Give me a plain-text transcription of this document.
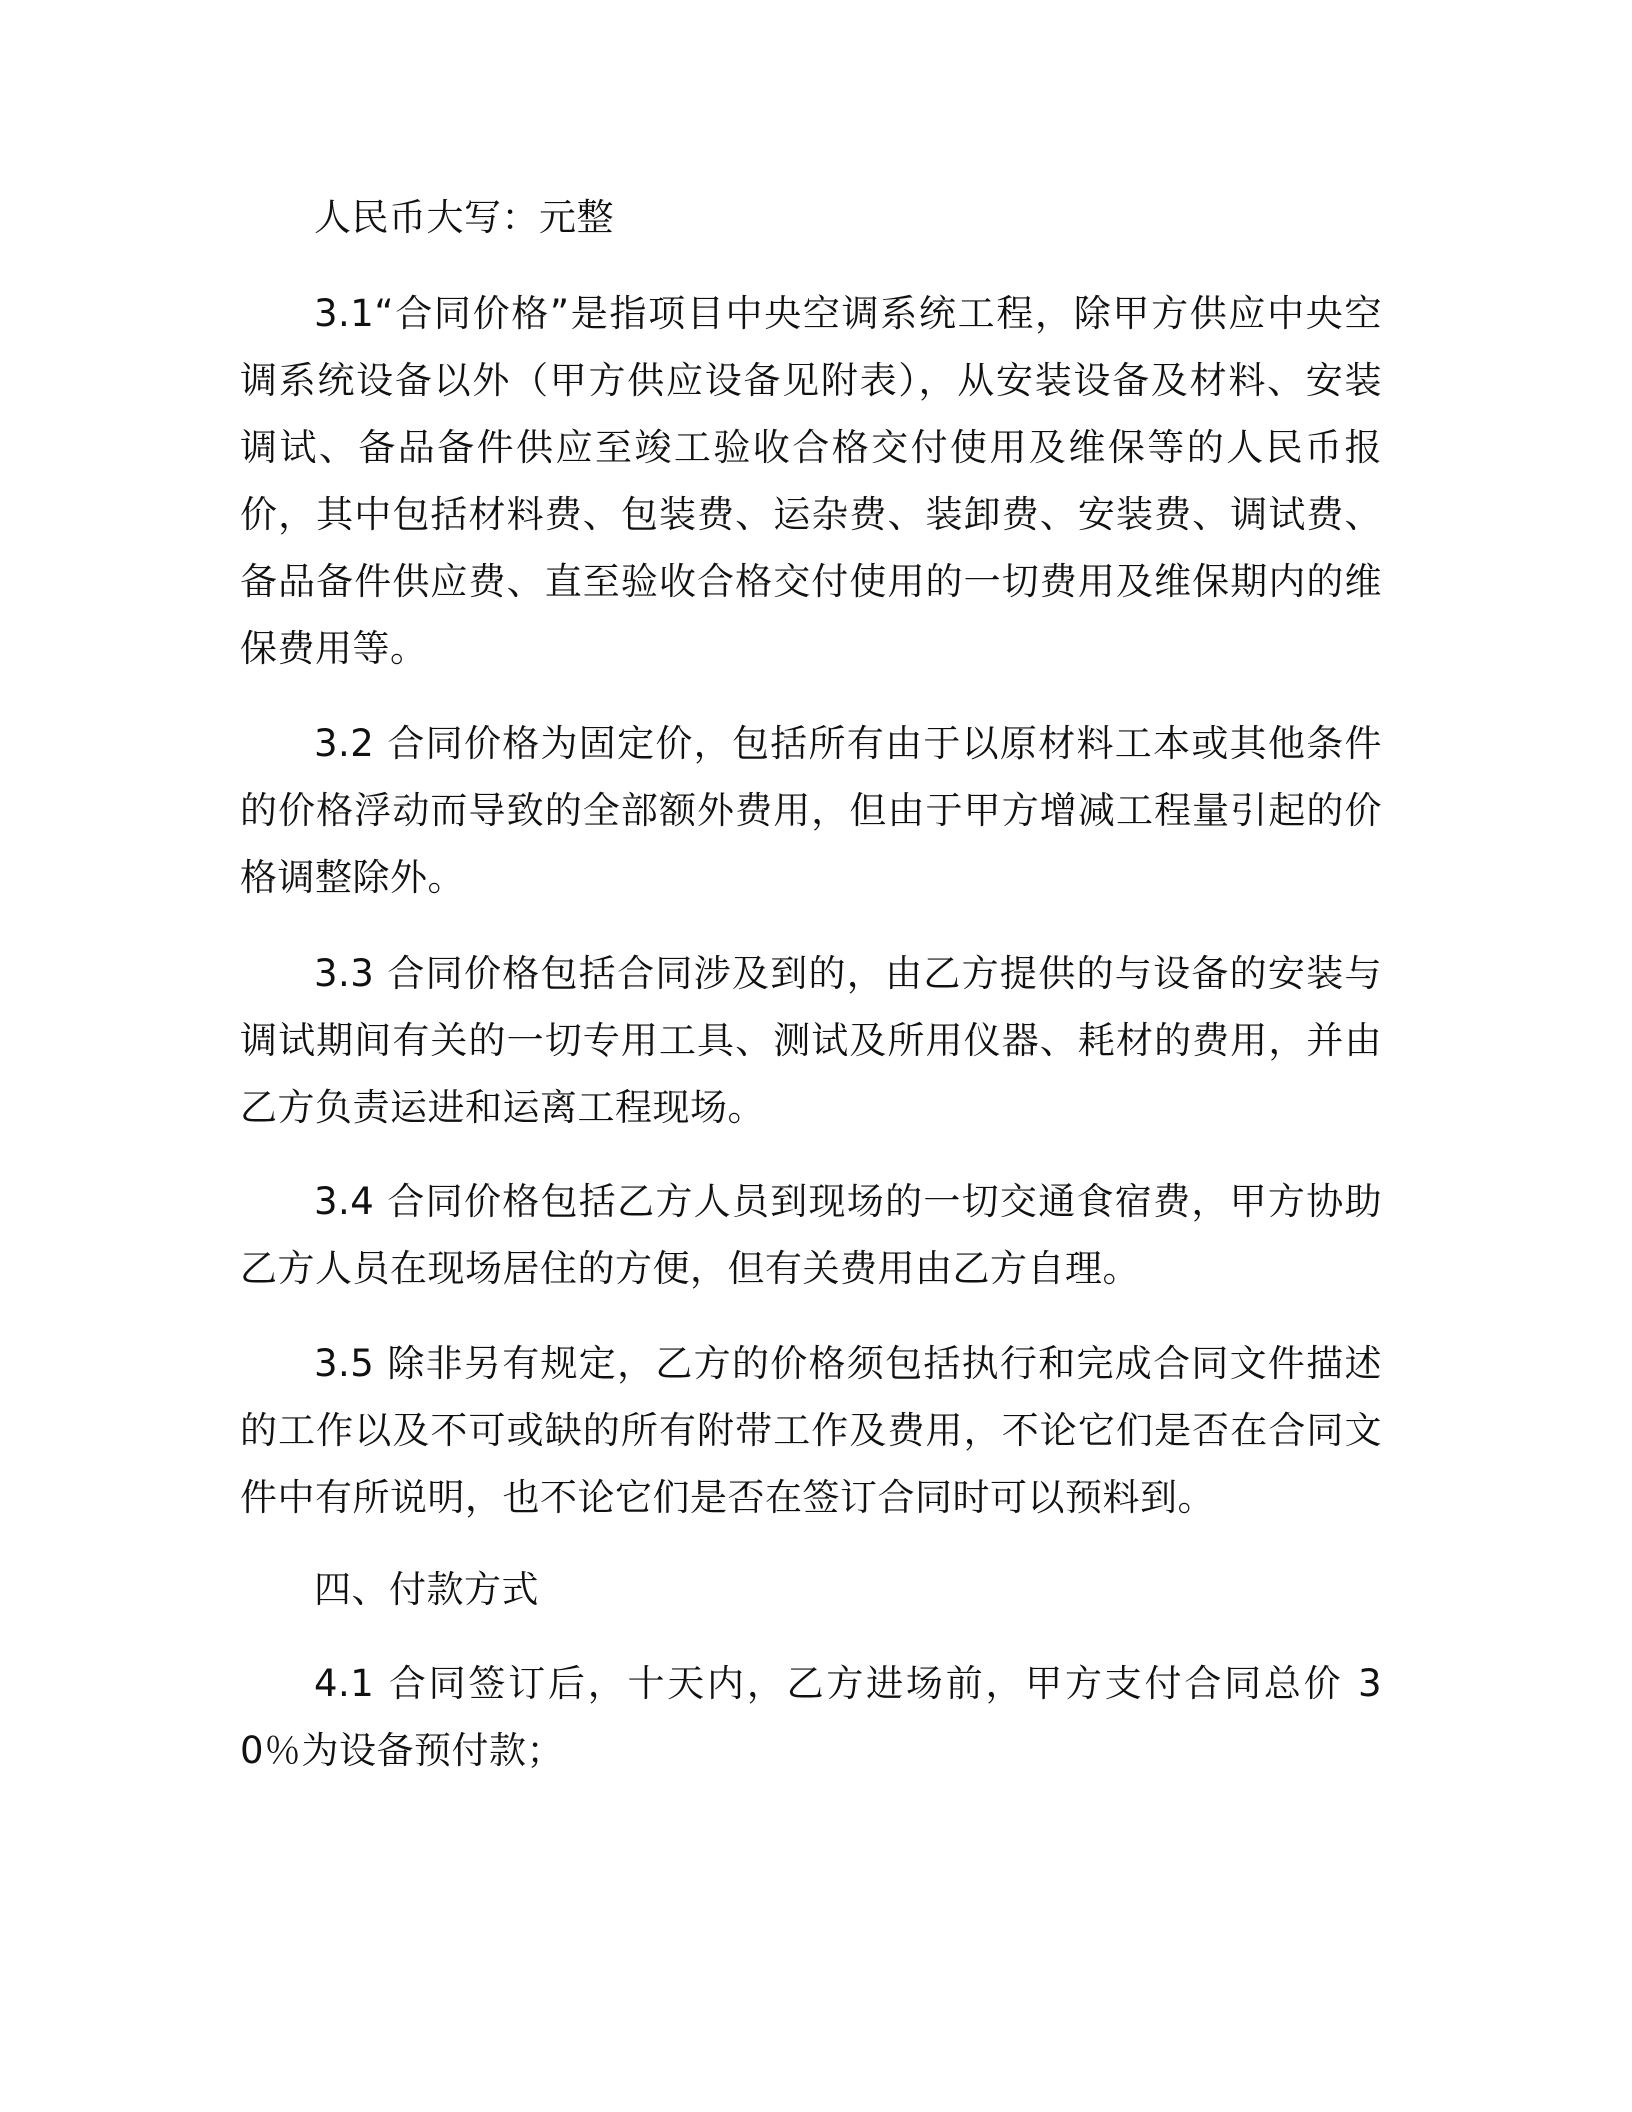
人民币大写：元整

3.1“合同价格”是指项目中央空调系统工程，除甲方供应中央空调系统设备以外（甲方供应设备见附表），从安装设备及材料、安装调试、备品备件供应至竣工验收合格交付使用及维保等的人民币报价，其中包括材料费、包装费、运杂费、装卸费、安装费、调试费、备品备件供应费、直至验收合格交付使用的一切费用及维保期内的维保费用等。

3.2 合同价格为固定价，包括所有由于以原材料工本或其他条件的价格浮动而导致的全部额外费用，但由于甲方增减工程量引起的价格调整除外。

3.3 合同价格包括合同涉及到的，由乙方提供的与设备的安装与调试期间有关的一切专用工具、测试及所用仪器、耗材的费用，并由乙方负责运进和运离工程现场。

3.4 合同价格包括乙方人员到现场的一切交通食宿费，甲方协助乙方人员在现场居住的方便，但有关费用由乙方自理。

3.5 除非另有规定，乙方的价格须包括执行和完成合同文件描述的工作以及不可或缺的所有附带工作及费用，不论它们是否在合同文件中有所说明，也不论它们是否在签订合同时可以预料到。

四、付款方式

4.1 合同签订后，十天内，乙方进场前，甲方支付合同总价 30％为设备预付款；
